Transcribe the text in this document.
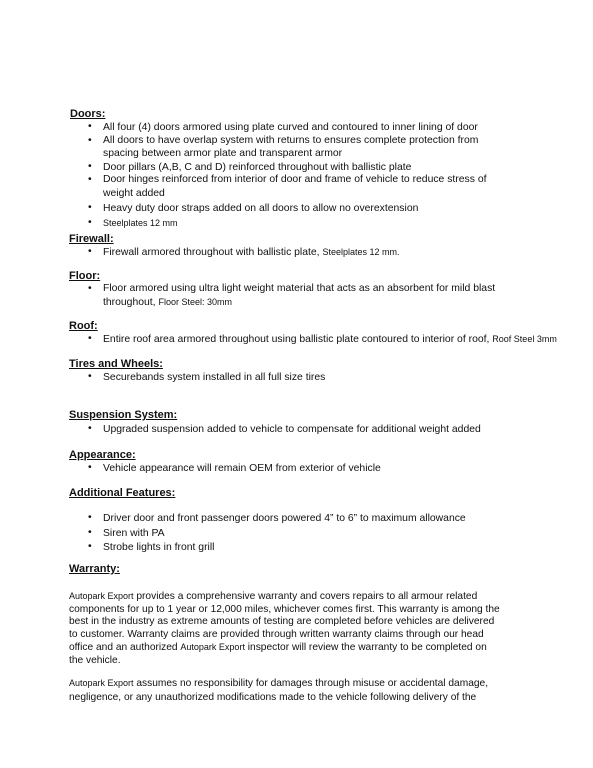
Doors:
• All four (4) doors armored using plate curved and contoured to inner lining of door
• All doors to have overlap system with returns to ensures complete protection from
spacing between armor plate and transparent armor
• Door pillars (A,B, C and D) reinforced throughout with ballistic plate
• Door hinges reinforced from interior of door and frame of vehicle to reduce stress of
weight added
• Heavy duty door straps added on all doors to allow no overextension
• Steelplates 12 mm
Firewall:
• Firewall armored throughout with ballistic plate, Steelplates 12 mm.
Floor:
• Floor armored using ultra light weight material that acts as an absorbent for mild blast
throughout, Floor Steel: 30mm
Roof:
• Entire roof area armored throughout using ballistic plate contoured to interior of roof, Roof Steel 3mm
Tires and Wheels:
• Securebands system installed in all full size tires
Suspension System:
• Upgraded suspension added to vehicle to compensate for additional weight added
Appearance:
• Vehicle appearance will remain OEM from exterior of vehicle
Additional Features:
• Driver door and front passenger doors powered 4” to 6” to maximum allowance
• Siren with PA
• Strobe lights in front grill
Warranty:

Autopark Export provides a comprehensive warranty and covers repairs to all armour related
components for up to 1 year or 12,000 miles, whichever comes first. This warranty is among the
best in the industry as extreme amounts of testing are completed before vehicles are delivered
to customer. Warranty claims are provided through written warranty claims through our head
office and an authorized Autopark Export inspector will review the warranty to be completed on
the vehicle.

Autopark Export assumes no responsibility for damages through misuse or accidental damage,
negligence, or any unauthorized modifications made to the vehicle following delivery of the
